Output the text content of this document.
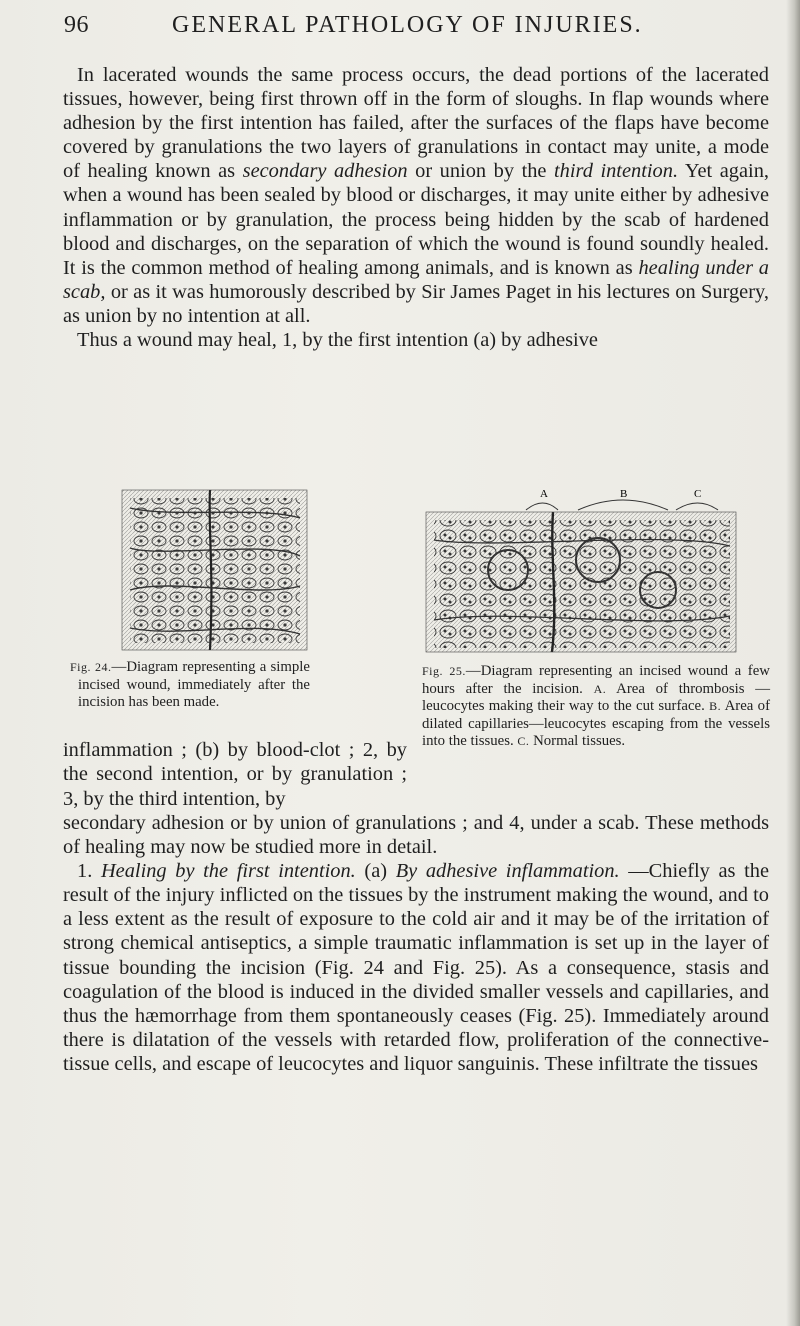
96	GENERAL PATHOLOGY OF INJURIES.

In lacerated wounds the same process occurs, the dead portions of the lacerated tissues, however, being first thrown off in the form of sloughs. In flap wounds where adhesion by the first intention has failed, after the surfaces of the flaps have become covered by granulations the two layers of granulations in contact may unite, a mode of healing known as secondary adhesion or union by the third intention. Yet again, when a wound has been sealed by blood or discharges, it may unite either by adhesive inflammation or by granulation, the process being hidden by the scab of hardened blood and discharges, on the separation of which the wound is found soundly healed. It is the common method of healing among animals, and is known as healing under a scab, or as it was humorously described by Sir James Paget in his lectures on Surgery, as union by no intention at all.
Thus a wound may heal, 1, by the first intention (a) by adhesive

Fig. 24.—Diagram representing a simple incised wound, immediately after the incision has been made.

A	B	C

Fig. 25.—Diagram representing an incised wound a few hours after the incision. A. Area of thrombosis — leucocytes making their way to the cut surface. B. Area of dilated capillaries—leucocytes escaping from the vessels into the tissues. C. Normal tissues.

inflammation ; (b) by blood-clot ; 2, by the second intention, or by granulation ; 3, by the third intention, by

secondary adhesion or by union of granulations ; and 4, under a scab. These methods of healing may now be studied more in detail.
1. Healing by the first intention. (a) By adhesive inflammation. —Chiefly as the result of the injury inflicted on the tissues by the instrument making the wound, and to a less extent as the result of exposure to the cold air and it may be of the irritation of strong chemical antiseptics, a simple traumatic inflammation is set up in the layer of tissue bounding the incision (Fig. 24 and Fig. 25). As a consequence, stasis and coagulation of the blood is induced in the divided smaller vessels and capillaries, and thus the hæmorrhage from them spontaneously ceases (Fig. 25). Immediately around there is dilatation of the vessels with retarded flow, proliferation of the connective-tissue cells, and escape of leucocytes and liquor sanguinis. These infiltrate the tissues
